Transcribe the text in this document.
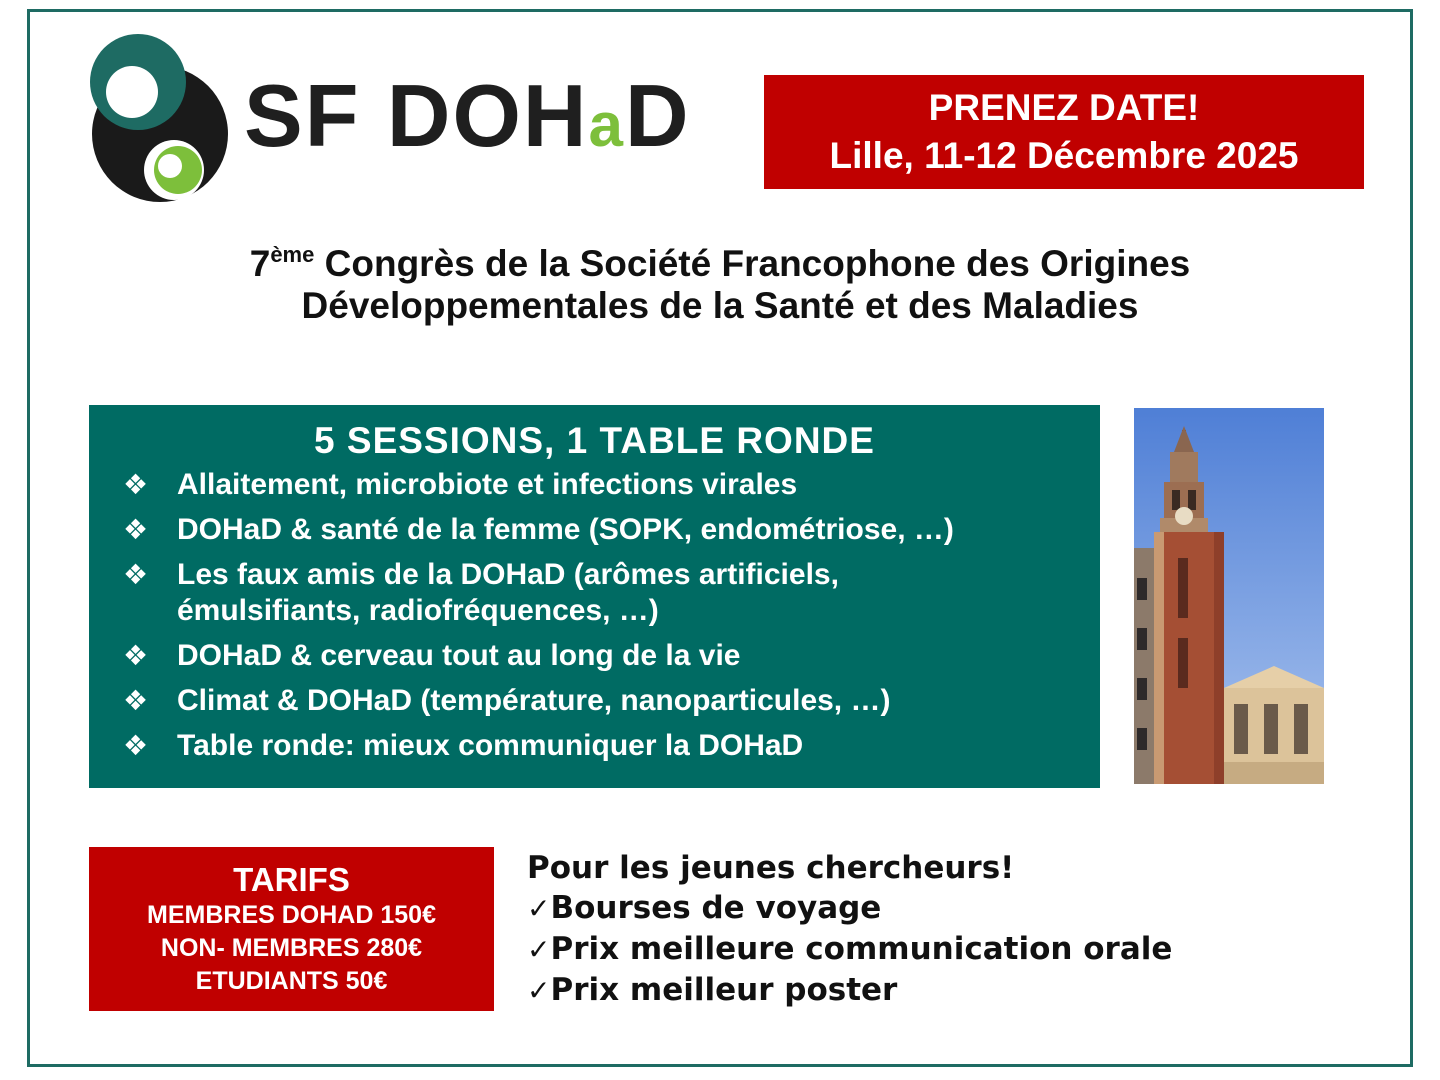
SF DOHaD	PRENEZ DATE!
Lille, 11-12 Décembre 2025
7ème Congrès de la Société Francophone des Origines
Développementales de la Santé et des Maladies
5 SESSIONS, 1 TABLE RONDE
❖ Allaitement, microbiote et infections virales
❖ DOHaD & santé de la femme (SOPK, endométriose, …)
❖ Les faux amis de la DOHaD (arômes artificiels,
émulsifiants, radiofréquences, …)
❖ DOHaD & cerveau tout au long de la vie
❖ Climat & DOHaD (température, nanoparticules, …)
❖ Table ronde: mieux communiquer la DOHaD
TARIFS
MEMBRES DOHAD 150€
NON- MEMBRES 280€
ETUDIANTS 50€
Pour les jeunes chercheurs!
✓Bourses de voyage
✓Prix meilleure communication orale
✓Prix meilleur poster
